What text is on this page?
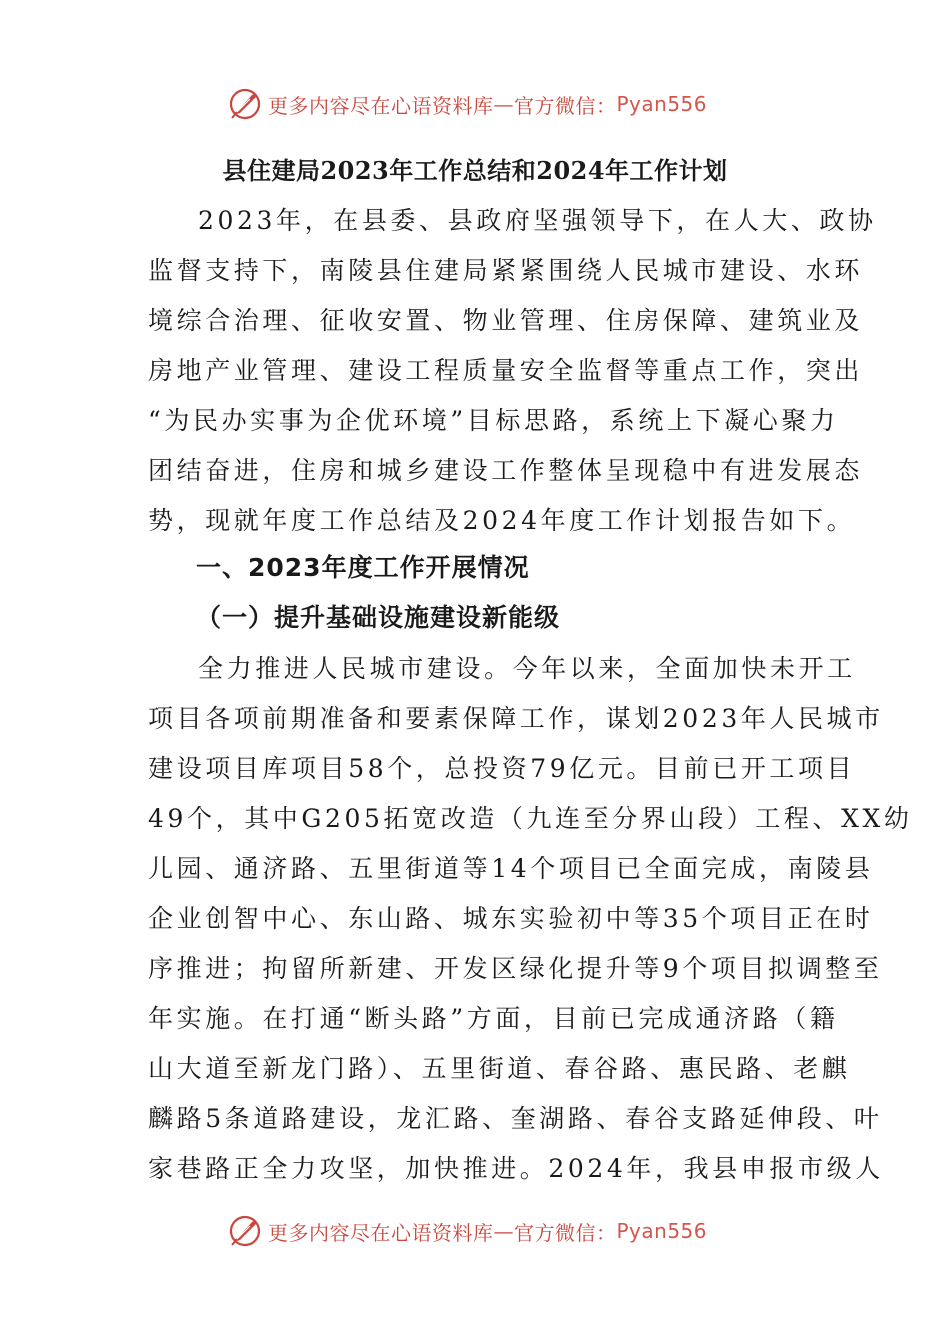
更多内容尽在心语资料库 — 官方微信： Pyan556
县住建局2023年工作总结和2024年工作计划

2023年，在县委、县政府坚强领导下，在人大、政协
监督支持下，南陵县住建局紧紧围绕人民城市建设、水环
境综合治理、征收安置、物业管理、住房保障、建筑业及
房地产业管理、建设工程质量安全监督等重点工作，突出
“为民办实事为企优环境”目标思路，系统上下凝心聚力
团结奋进，住房和城乡建设工作整体呈现稳中有进发展态
势，现就年度工作总结及2024年度工作计划报告如下。

一、2023年度工作开展情况
（一）提升基础设施建设新能级

全力推进人民城市建设。今年以来，全面加快未开工
项目各项前期准备和要素保障工作，谋划2023年人民城市
建设项目库项目58个，总投资79亿元。目前已开工项目
49个，其中G205拓宽改造（九连至分界山段）工程、XX幼
儿园、通济路、五里街道等14个项目已全面完成，南陵县
企业创智中心、东山路、城东实验初中等35个项目正在时
序推进；拘留所新建、开发区绿化提升等9个项目拟调整至
年实施。在打通“断头路”方面，目前已完成通济路（籍
山大道至新龙门路）、五里街道、春谷路、惠民路、老麒
麟路5条道路建设，龙汇路、奎湖路、春谷支路延伸段、叶
家巷路正全力攻坚，加快推进。2024年，我县申报市级人

更多内容尽在心语资料库 — 官方微信： Pyan556
